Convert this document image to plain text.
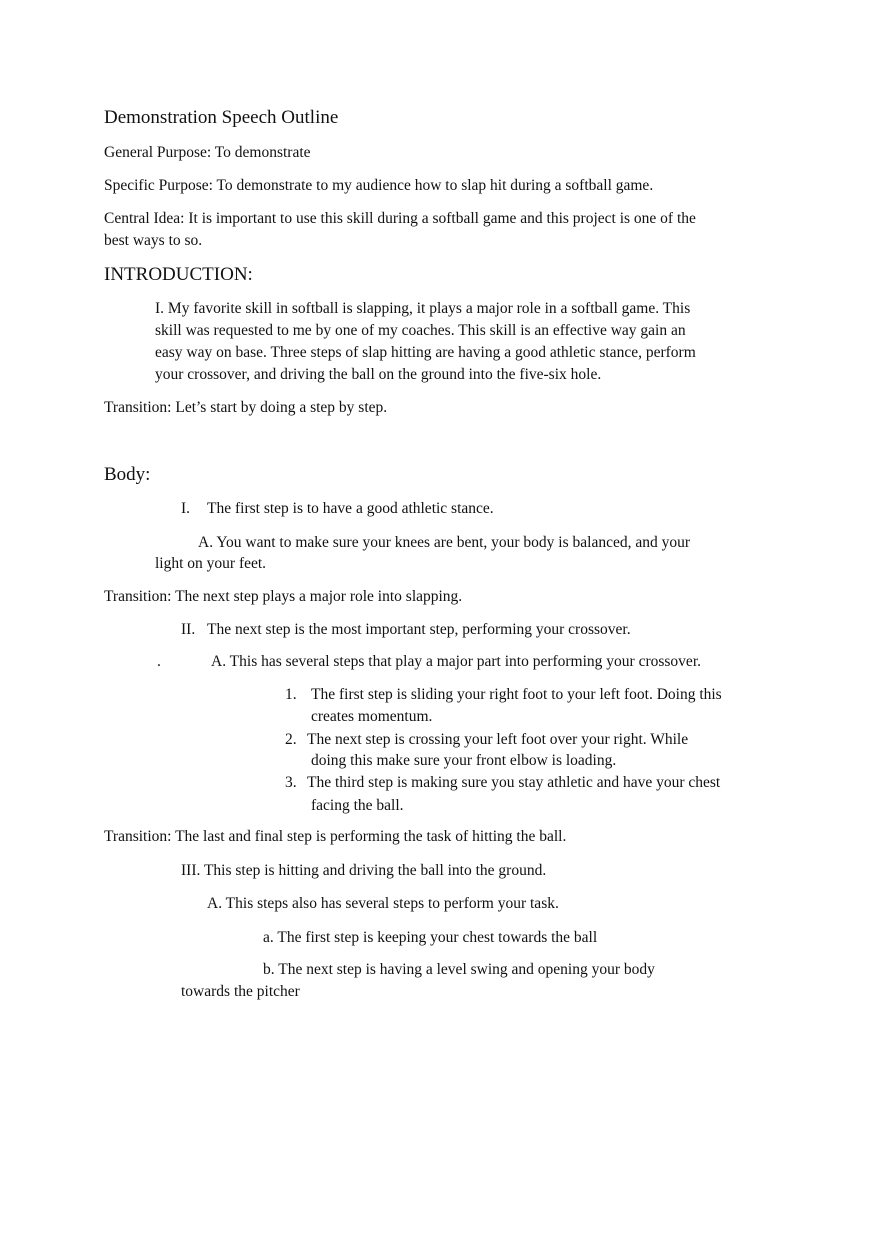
Demonstration Speech Outline

General Purpose: To demonstrate

Specific Purpose: To demonstrate to my audience how to slap hit during a softball game.

Central Idea: It is important to use this skill during a softball game and this project is one of the

best ways to so.

INTRODUCTION:

I. My favorite skill in softball is slapping, it plays a major role in a softball game. This

skill was requested to me by one of my coaches. This skill is an effective way gain an

easy way on base. Three steps of slap hitting are having a good athletic stance, perform

your crossover, and driving the ball on the ground into the five-six hole.

Transition: Let’s start by doing a step by step.

Body:

I. The first step is to have a good athletic stance.

A. You want to make sure your knees are bent, your body is balanced, and your

light on your feet.

Transition: The next step plays a major role into slapping.

II. The next step is the most important step, performing your crossover.
.	A. This has several steps that play a major part into performing your crossover.

1. The first step is sliding your right foot to your left foot. Doing this

creates momentum.

2. The next step is crossing your left foot over your right. While

doing this make sure your front elbow is loading.

3. The third step is making sure you stay athletic and have your chest

facing the ball.

Transition: The last and final step is performing the task of hitting the ball.

III. This step is hitting and driving the ball into the ground.

A. This steps also has several steps to perform your task.

a. The first step is keeping your chest towards the ball

b. The next step is having a level swing and opening your body

towards the pitcher
